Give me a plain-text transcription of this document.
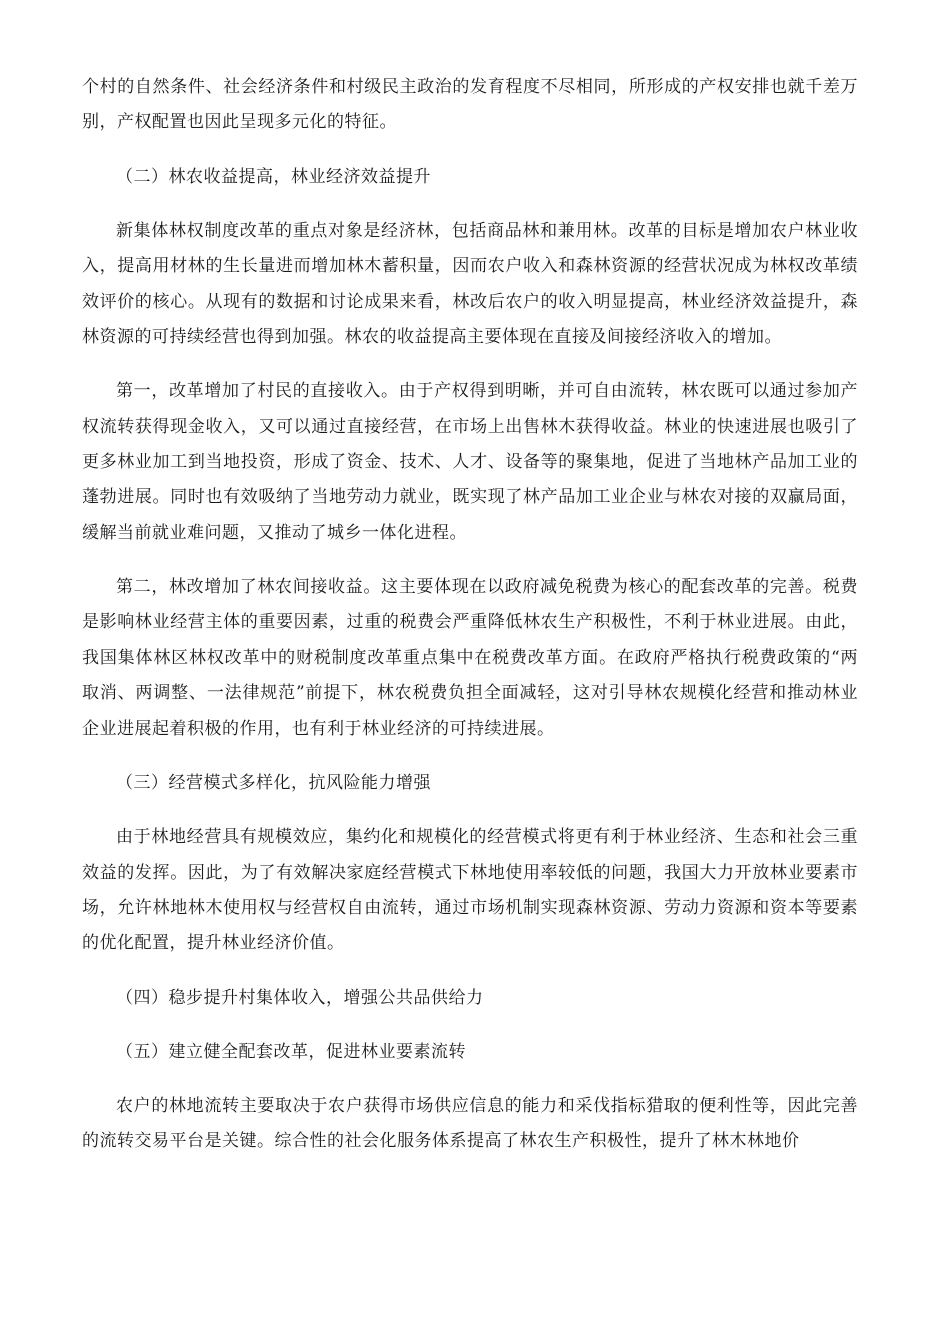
个村的自然条件、社会经济条件和村级民主政治的发育程度不尽相同，所形成的产权安排也就千差万别，产权配置也因此呈现多元化的特征。

（二）林农收益提高，林业经济效益提升

新集体林权制度改革的重点对象是经济林，包括商品林和兼用林。改革的目标是增加农户林业收入，提高用材林的生长量进而增加林木蓄积量，因而农户收入和森林资源的经营状况成为林权改革绩效评价的核心。从现有的数据和讨论成果来看，林改后农户的收入明显提高，林业经济效益提升，森林资源的可持续经营也得到加强。林农的收益提高主要体现在直接及间接经济收入的增加。

第一，改革增加了村民的直接收入。由于产权得到明晰，并可自由流转，林农既可以通过参加产权流转获得现金收入，又可以通过直接经营，在市场上出售林木获得收益。林业的快速进展也吸引了更多林业加工到当地投资，形成了资金、技术、人才、设备等的聚集地，促进了当地林产品加工业的蓬勃进展。同时也有效吸纳了当地劳动力就业，既实现了林产品加工业企业与林农对接的双赢局面，缓解当前就业难问题，又推动了城乡一体化进程。

第二，林改增加了林农间接收益。这主要体现在以政府减免税费为核心的配套改革的完善。税费是影响林业经营主体的重要因素，过重的税费会严重降低林农生产积极性，不利于林业进展。由此，我国集体林区林权改革中的财税制度改革重点集中在税费改革方面。在政府严格执行税费政策的“两取消、两调整、一法律规范”前提下，林农税费负担全面减轻，这对引导林农规模化经营和推动林业企业进展起着积极的作用，也有利于林业经济的可持续进展。

（三）经营模式多样化，抗风险能力增强

由于林地经营具有规模效应，集约化和规模化的经营模式将更有利于林业经济、生态和社会三重效益的发挥。因此，为了有效解决家庭经营模式下林地使用率较低的问题，我国大力开放林业要素市场，允许林地林木使用权与经营权自由流转，通过市场机制实现森林资源、劳动力资源和资本等要素的优化配置，提升林业经济价值。

（四）稳步提升村集体收入，增强公共品供给力

（五）建立健全配套改革，促进林业要素流转

农户的林地流转主要取决于农户获得市场供应信息的能力和采伐指标猎取的便利性等，因此完善的流转交易平台是关键。综合性的社会化服务体系提高了林农生产积极性，提升了林木林地价
